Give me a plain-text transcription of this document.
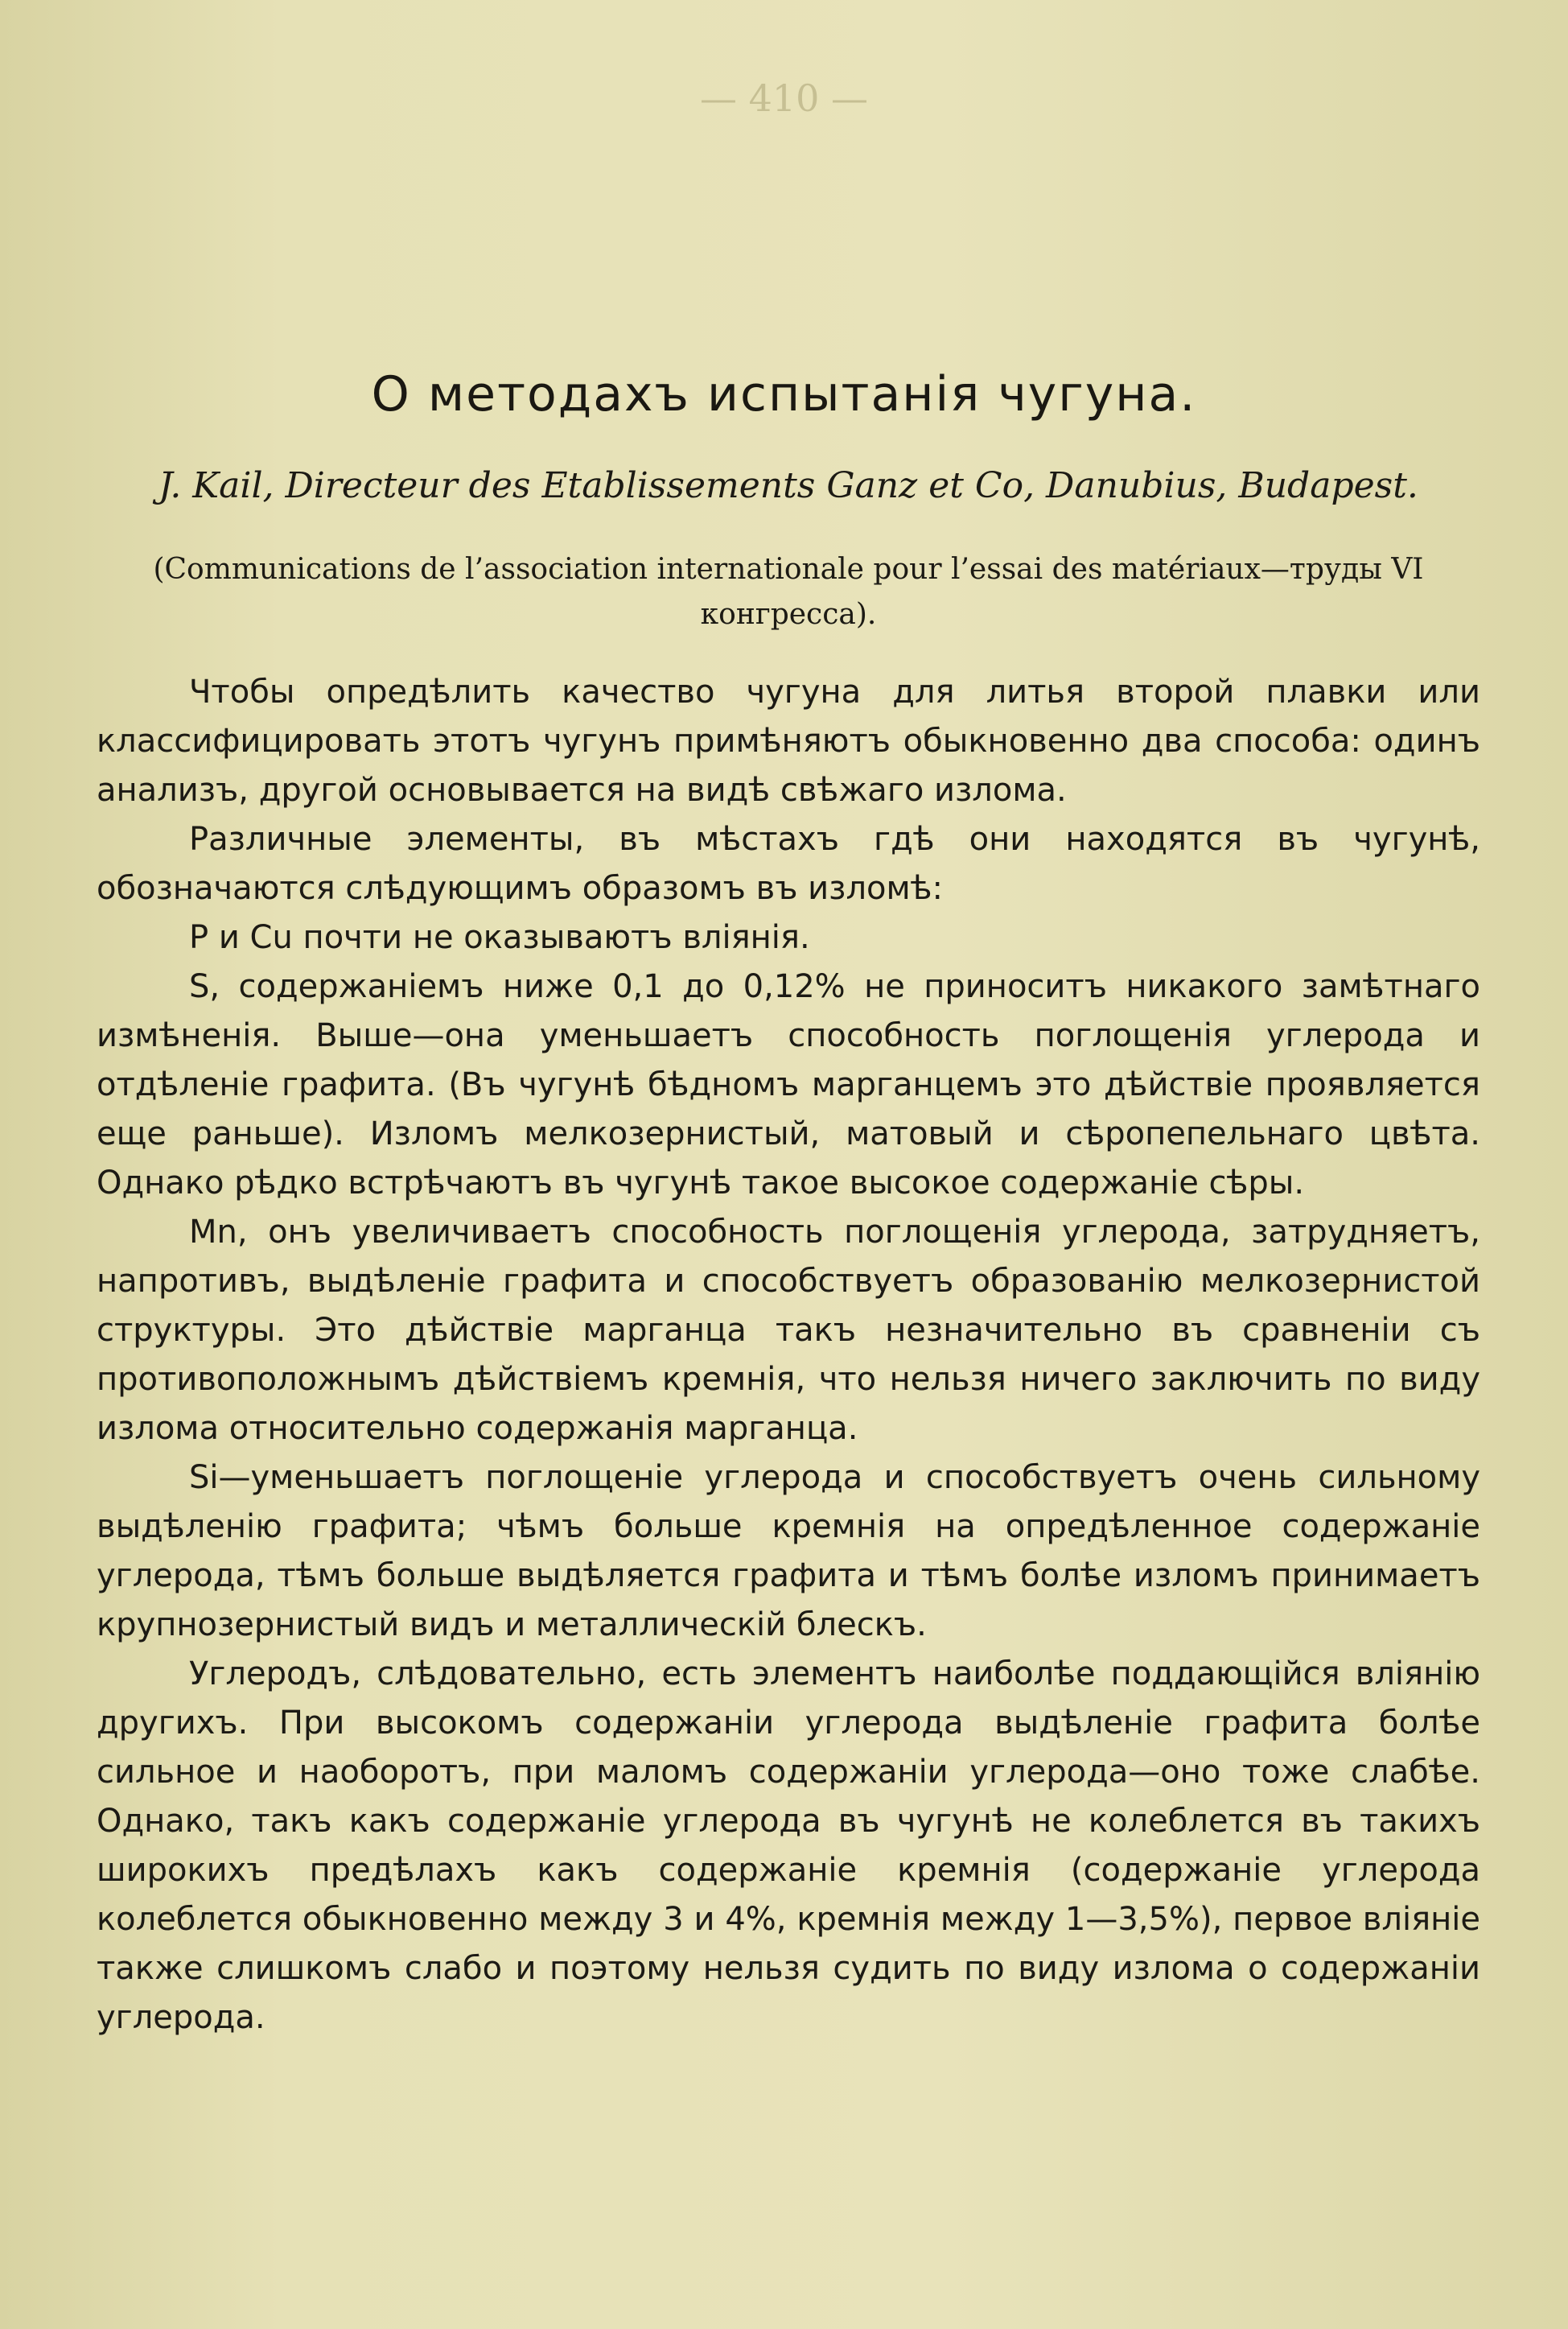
— 410 —
О методахъ испытанія чугуна.
J. Kail, Directeur des Etablissements Ganz et Co, Danubius, Budapest.
(Communications de l’association internationale pour l’essai des matériaux—труды VI конгресса).

Чтобы опредѣлить качество чугуна для литья второй плавки или классифицировать этотъ чугунъ примѣняютъ обыкновенно два способа: одинъ анализъ, другой основывается на видѣ свѣжаго излома.

Различные элементы, въ мѣстахъ гдѣ они находятся въ чугунѣ, обозначаются слѣдующимъ образомъ въ изломѣ:

P и Cu почти не оказываютъ вліянія.

S, содержаніемъ ниже 0,1 до 0,12% не приноситъ никакого замѣтнаго измѣненія. Выше—она уменьшаетъ способность поглощенія углерода и отдѣленіе графита. (Въ чугунѣ бѣдномъ марганцемъ это дѣйствіе проявляется еще раньше). Изломъ мелкозернистый, матовый и сѣропепельнаго цвѣта. Однако рѣдко встрѣчаютъ въ чугунѣ такое высокое содержаніе сѣры.

Mn, онъ увеличиваетъ способность поглощенія углерода, затрудняетъ, напротивъ, выдѣленіе графита и способствуетъ образованію мелкозернистой структуры. Это дѣйствіе марганца такъ незначительно въ сравненіи съ противоположнымъ дѣйствіемъ кремнія, что нельзя ничего заключить по виду излома относительно содержанія марганца.

Si—уменьшаетъ поглощеніе углерода и способствуетъ очень сильному выдѣленію графита; чѣмъ больше кремнія на опредѣленное содержаніе углерода, тѣмъ больше выдѣляется графита и тѣмъ болѣе изломъ принимаетъ крупнозернистый видъ и металлическій блескъ.

Углеродъ, слѣдовательно, есть элементъ наиболѣе поддающійся вліянію другихъ. При высокомъ содержаніи углерода выдѣленіе графита болѣе сильное и наоборотъ, при маломъ содержаніи углерода—оно тоже слабѣе. Однако, такъ какъ содержаніе углерода въ чугунѣ не колеблется въ такихъ широкихъ предѣлахъ какъ содержаніе кремнія (содержаніе углерода колеблется обыкновенно между 3 и 4%, кремнія между 1—3,5%), первое вліяніе также слишкомъ слабо и поэтому нельзя судить по виду излома о содержаніи углерода.
